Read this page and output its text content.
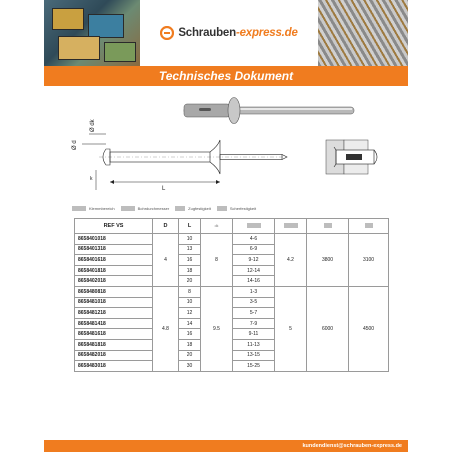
Schrauben-express.de
Technisches Dokument
Ø d
Ø dk
k
L
Klemmbereich	Bohrdurchmesser	Zugfestigkeit	Scherfestigkeit
REF VS	D	L	dk				
8658401018	4	10	8	4-6	4.2	3800	3100
8658401318		13		6-9			
8658401618		16		9-12			
8658401818		18		12-14			
8658402018		20		14-16			
8658480818	4.8	8	9.5	1-3	5	6000	4500
8658481018		10		3-5			
8658481218		12		5-7			
8658481418		14		7-9			
8658481618		16		9-11			
8658481818		18		11-13			
8658482018		20		13-15			
8658483018		30		15-25			
kundendienst@schrauben-express.de
